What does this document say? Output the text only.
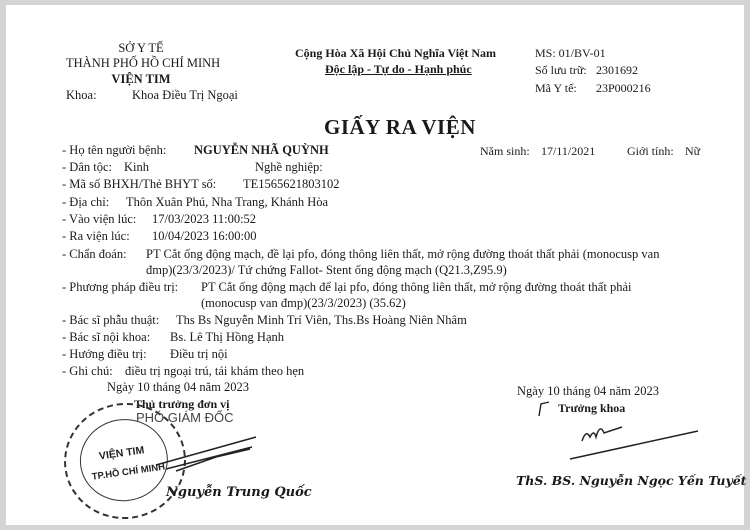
SỞ Y TẾ
THÀNH PHỐ HỒ CHÍ MINH
VIỆN TIM
Khoa:	Khoa Điều Trị Ngoại
Cộng Hòa Xã Hội Chủ Nghĩa Việt Nam
Độc lập - Tự do - Hạnh phúc
MS: 01/BV-01
Số lưu trữ: 2301692
Mã Y tế: 23P000216
GIẤY RA VIỆN
- Họ tên người bệnh: NGUYỄN NHÃ QUỲNH	Năm sinh: 17/11/2021	Giới tính: Nữ
- Dân tộc: Kinh	Nghề nghiệp:
- Mã số BHXH/Thẻ BHYT số: TE1565621803102
- Địa chỉ: Thôn Xuân Phú, Nha Trang, Khánh Hòa
- Vào viện lúc: 17/03/2023 11:00:52
- Ra viện lúc: 10/04/2023 16:00:00
- Chẩn đoán: PT Cắt ống động mạch, đề lại pfo, đóng thông liên thất, mở rộng đường thoát thất phải (monocusp van
đmp)(23/3/2023)/ Tứ chứng Fallot- Stent ống động mạch (Q21.3,Z95.9)
- Phương pháp điều trị: PT Cắt ống động mạch để lại pfo, đóng thông liên thất, mở rộng đường thoát thất phải
(monocusp van đmp)(23/3/2023) (35.62)
- Bác sĩ phẫu thuật: Ths Bs Nguyễn Minh Trí Viên, Ths.Bs Hoàng Niên Nhâm
- Bác sĩ nội khoa: Bs. Lê Thị Hồng Hạnh
- Hướng điều trị: Điều trị nội
- Ghi chú: điều trị ngoại trú, tái khám theo hẹn
Ngày 10 tháng 04 năm 2023
Thủ trưởng đơn vị
VIỆN TIM
TP.HỒ CHÍ MINH
PHÓ GIÁM ĐỐC
Nguyễn Trung Quốc
Ngày 10 tháng 04 năm 2023
Trưởng khoa
ThS. BS. Nguyễn Ngọc Yến Tuyết
